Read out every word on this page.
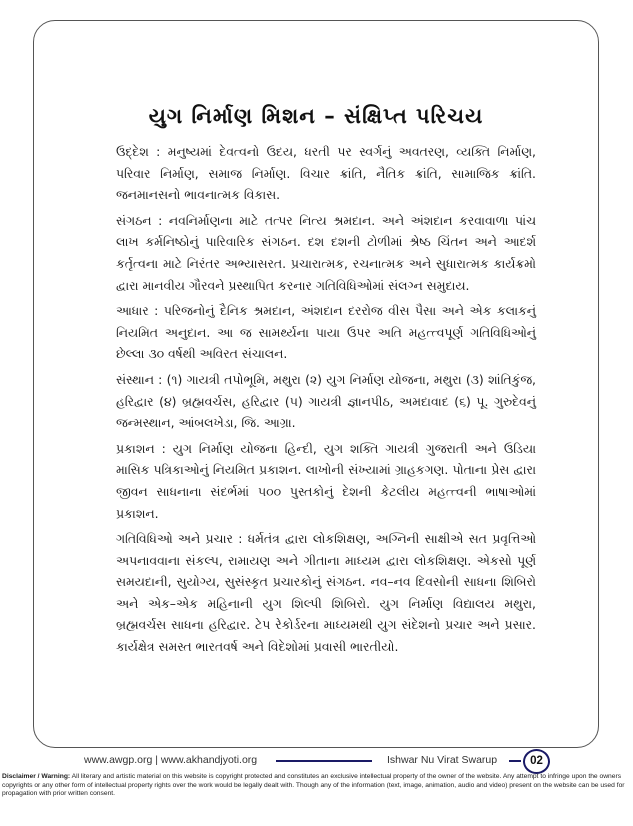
યુગ નિર્માણ મિશન – સંક્ષિપ્ત પરિચય

ઉદ્દેશ : મનુષ્યમાં દેવત્વનો ઉદય, ધરતી પર સ્વર્ગનું અવતરણ, વ્યક્તિ નિર્માણ, પરિવાર નિર્માણ, સમાજ નિર્માણ. વિચાર ક્રાંતિ, નૈતિક ક્રાંતિ, સામાજિક ક્રાંતિ. જનમાનસનો ભાવનાત્મક વિકાસ.

સંગઠન : નવનિર્માણના માટે તત્પર નિત્ય શ્રમદાન. અને અંશદાન કરવાવાળા પાંચ લાખ કર્મનિષ્ઠોનું પારિવારિક સંગઠન. દશ દશની ટોળીમાં શ્રેષ્ઠ ચિંતન અને આદર્શ કર્તૃત્વના માટે નિરંતર અભ્યાસરત. પ્રચારાત્મક, રચનાત્મક અને સુધારાત્મક કાર્યક્રમો દ્વારા માનવીય ગૌરવને પ્રસ્થાપિત કરનાર ગતિવિધિઓમાં સંલગ્ન સમુદાય.

આધાર : પરિજનોનું દૈનિક શ્રમદાન, અંશદાન દરરોજ વીસ પૈસા અને એક કલાકનું નિયમિત અનુદાન. આ જ સામર્થ્યના પાયા ઉપર અતિ મહત્ત્વપૂર્ણ ગતિવિધિઓનું છેલ્લા ૩૦ વર્ષથી અવિરત સંચાલન.

સંસ્થાન : (૧) ગાયત્રી તપોભૂમિ, મથુરા (૨) યુગ નિર્માણ યોજના, મથુરા (૩) શાંતિકુંજ, હરિદ્વાર (૪) બ્રહ્મવર્ચસ, હરિદ્વાર (૫) ગાયત્રી જ્ઞાનપીઠ, અમદાવાદ (૬) પૂ. ગુરુદેવનું જન્મસ્થાન, આંબલખેડા, જિ. આગ્રા.

પ્રકાશન : યુગ નિર્માણ યોજના હિન્દી, યુગ શક્તિ ગાયત્રી ગુજરાતી અને ઉડિયા માસિક પત્રિકાઓનું નિયમિત પ્રકાશન. લાખોની સંખ્યામાં ગ્રાહકગણ. પોતાના પ્રેસ દ્વારા જીવન સાધનાના સંદર્ભમાં ૫૦૦ પુસ્તકોનું દેશની કેટલીય મહત્ત્વની ભાષાઓમાં પ્રકાશન.

ગતિવિધિઓ અને પ્રચાર : ધર્મતંત્ર દ્વારા લોકશિક્ષણ, અગ્નિની સાક્ષીએ સત પ્રવૃત્તિઓ અપનાવવાના સંકલ્પ, રામાયણ અને ગીતાના માધ્યમ દ્વારા લોકશિક્ષણ. એકસો પૂર્ણ સમયદાની, સુયોગ્ય, સુસંસ્કૃત પ્રચારકોનું સંગઠન. નવ–નવ દિવસોની સાધના શિબિરો અને એક–એક મહિનાની યુગ શિલ્પી શિબિરો. યુગ નિર્માણ વિદ્યાલય મથુરા, બ્રહ્મવર્ચસ સાધના હરિદ્વાર. ટેપ રેકોર્ડરના માધ્યમથી યુગ સંદેશનો પ્રચાર અને પ્રસાર. કાર્યક્ષેત્ર સમસ્ત ભારતવર્ષ અને વિદેશોમાં પ્રવાસી ભારતીયો.

www.awgp.org | www.akhandjyoti.org	Ishwar Nu Virat Swarup	02
Disclaimer / Warning: All literary and artistic material on this website is copyright protected and constitutes an exclusive intellectual property of the owner of the website. Any attempt to infringe upon the owners copyrights or any other form of intellectual property rights over the work would be legally dealt with. Though any of the information (text, image, animation, audio and video) present on the website can be used for propagation with prior written consent.
